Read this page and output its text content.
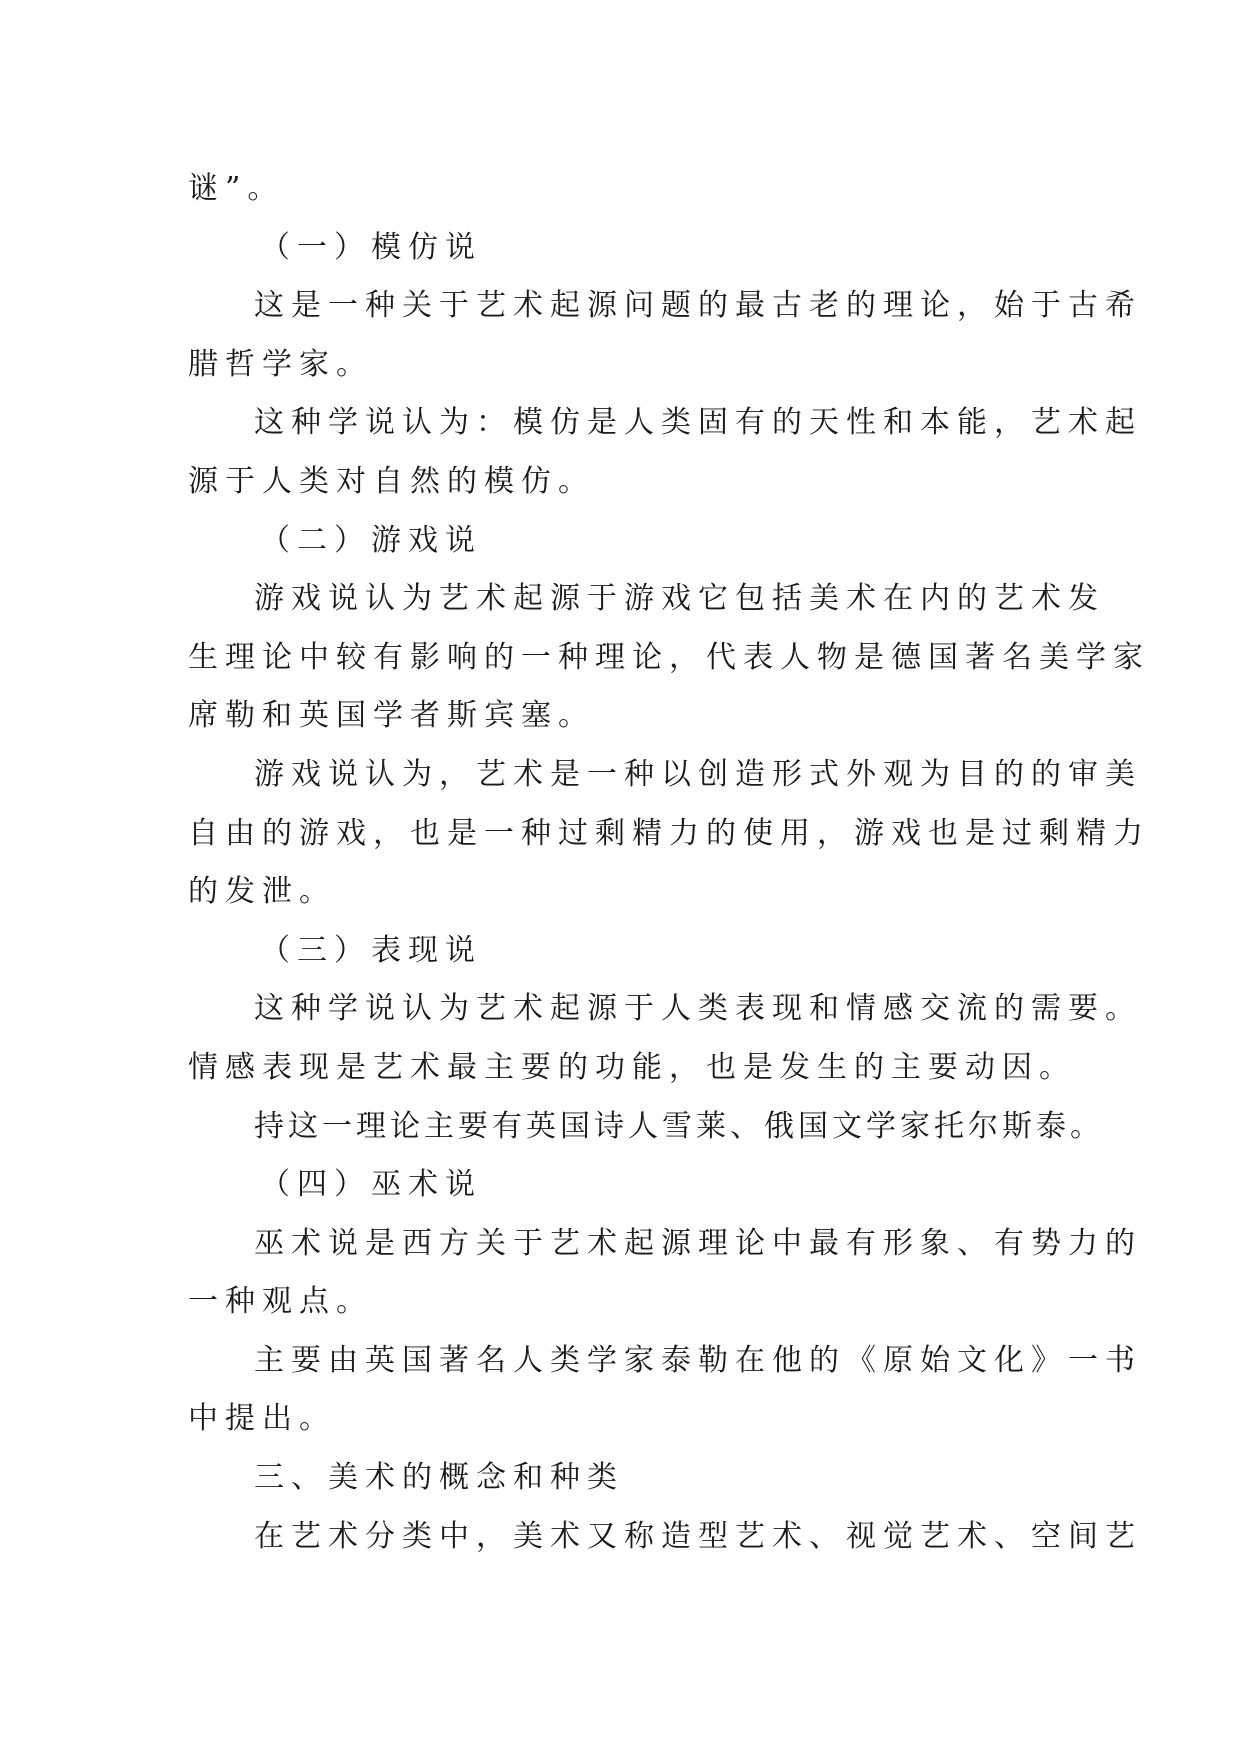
谜”。
（一）模仿说
这是一种关于艺术起源问题的最古老的理论，始于古希
腊哲学家。
这种学说认为：模仿是人类固有的天性和本能，艺术起
源于人类对自然的模仿。
（二）游戏说
游戏说认为艺术起源于游戏它包括美术在内的艺术发
生理论中较有影响的一种理论，代表人物是德国著名美学家
席勒和英国学者斯宾塞。
游戏说认为，艺术是一种以创造形式外观为目的的审美
自由的游戏，也是一种过剩精力的使用，游戏也是过剩精力
的发泄。
（三）表现说
这种学说认为艺术起源于人类表现和情感交流的需要。
情感表现是艺术最主要的功能，也是发生的主要动因。
持这一理论主要有英国诗人雪莱、俄国文学家托尔斯泰。
（四）巫术说
巫术说是西方关于艺术起源理论中最有形象、有势力的
一种观点。
主要由英国著名人类学家泰勒在他的《原始文化》一书
中提出。
三、美术的概念和种类
在艺术分类中，美术又称造型艺术、视觉艺术、空间艺
